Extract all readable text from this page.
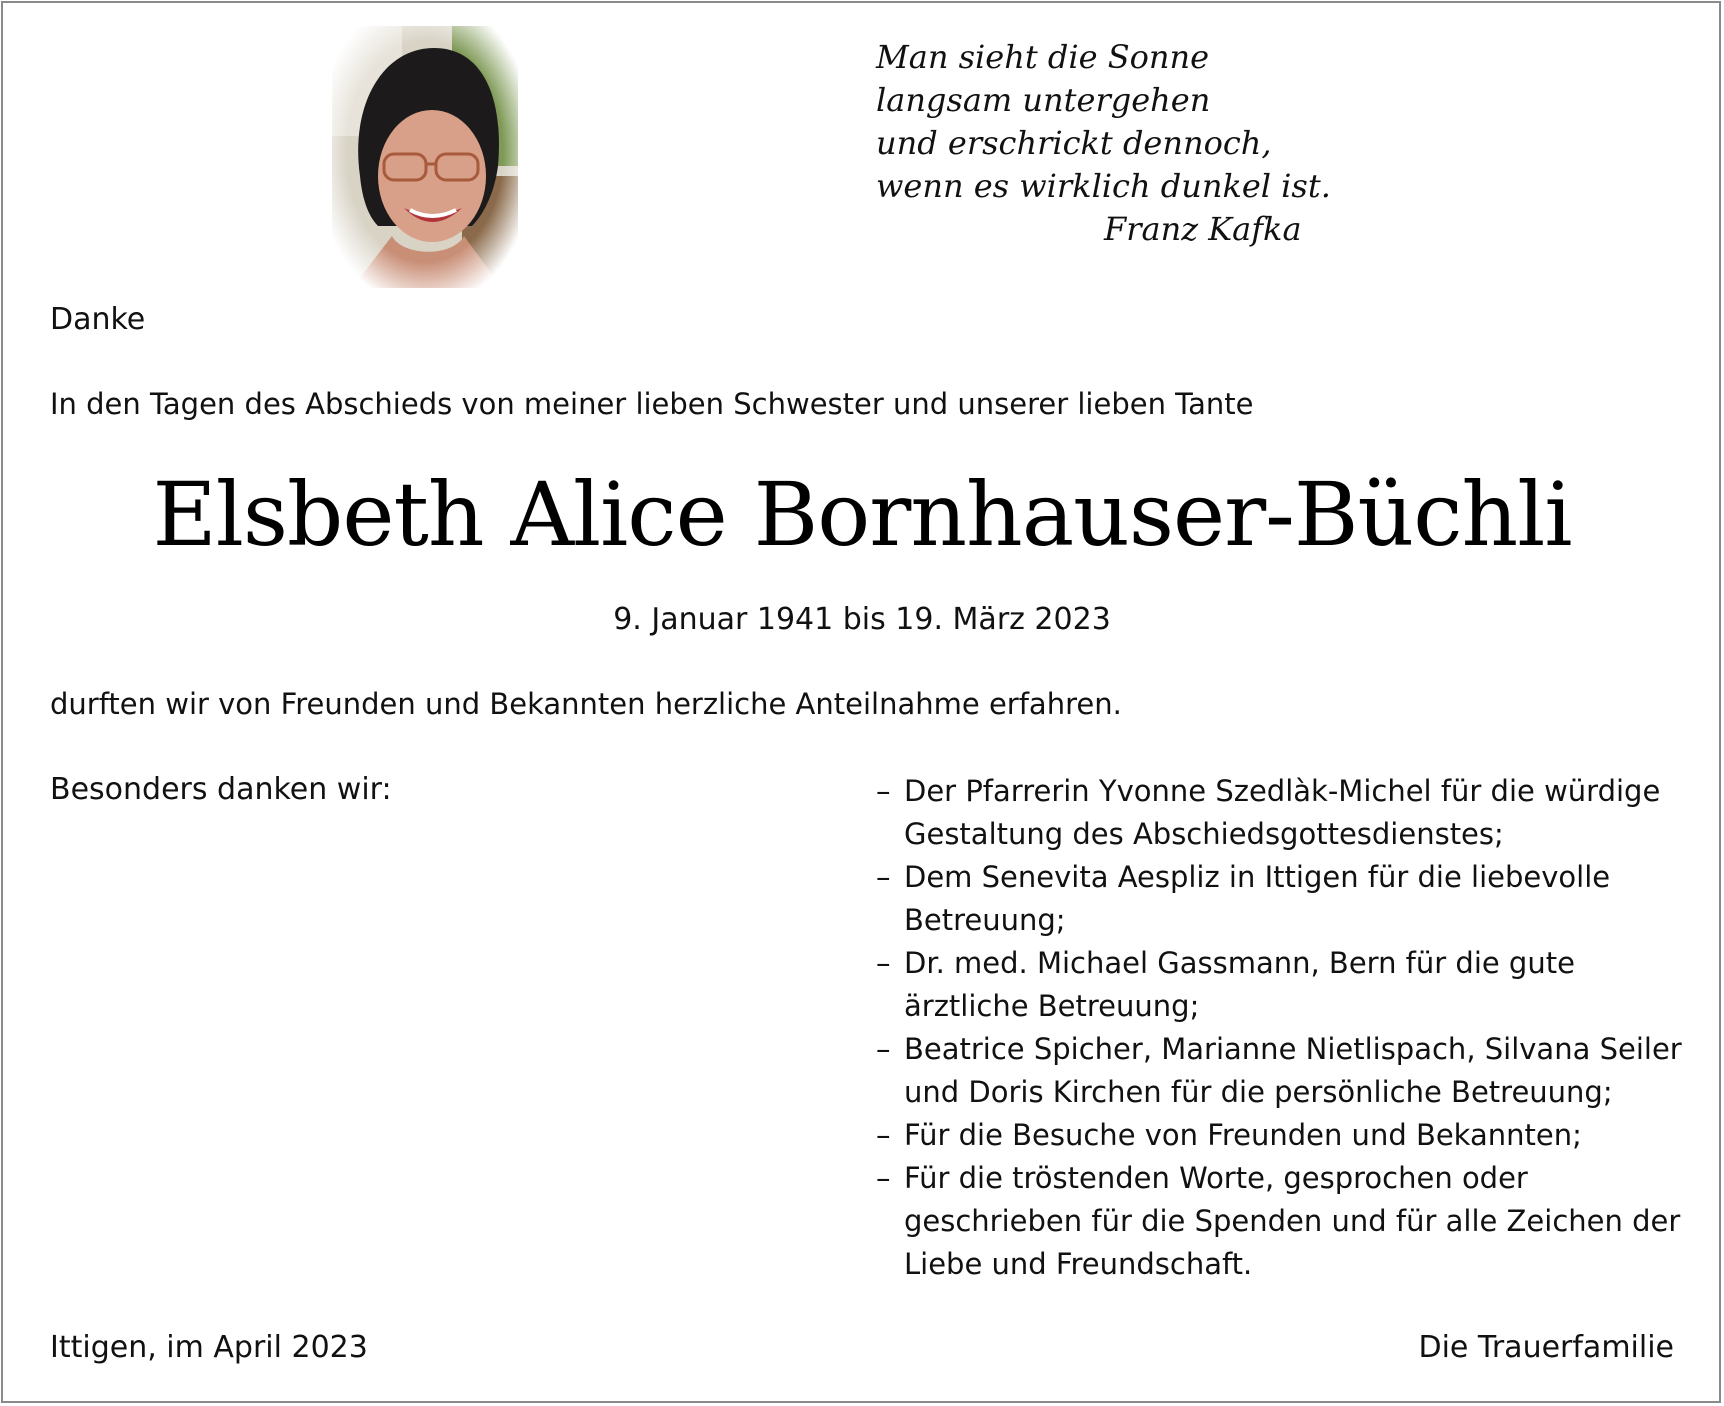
Man sieht die Sonne
langsam untergehen
und erschrickt dennoch,
wenn es wirklich dunkel ist.
Franz Kafka
Danke
In den Tagen des Abschieds von meiner lieben Schwester und unserer lieben Tante
Elsbeth Alice Bornhauser-Büchli
9. Januar 1941 bis 19. März 2023
durften wir von Freunden und Bekannten herzliche Anteilnahme erfahren.
Besonders danken wir:	– Der Pfarrerin Yvonne Szedlàk-Michel für die würdige Gestaltung des Abschiedsgottesdienstes;
– Dem Senevita Aespliz in Ittigen für die liebevolle Betreuung;
– Dr. med. Michael Gassmann, Bern für die gute ärztliche Betreuung;
– Beatrice Spicher, Marianne Nietlispach, Silvana Seiler und Doris Kirchen für die persönliche Betreuung;
– Für die Besuche von Freunden und Bekannten;
– Für die tröstenden Worte, gesprochen oder geschrieben für die Spenden und für alle Zeichen der Liebe und Freundschaft.
Ittigen, im April 2023	Die Trauerfamilie
